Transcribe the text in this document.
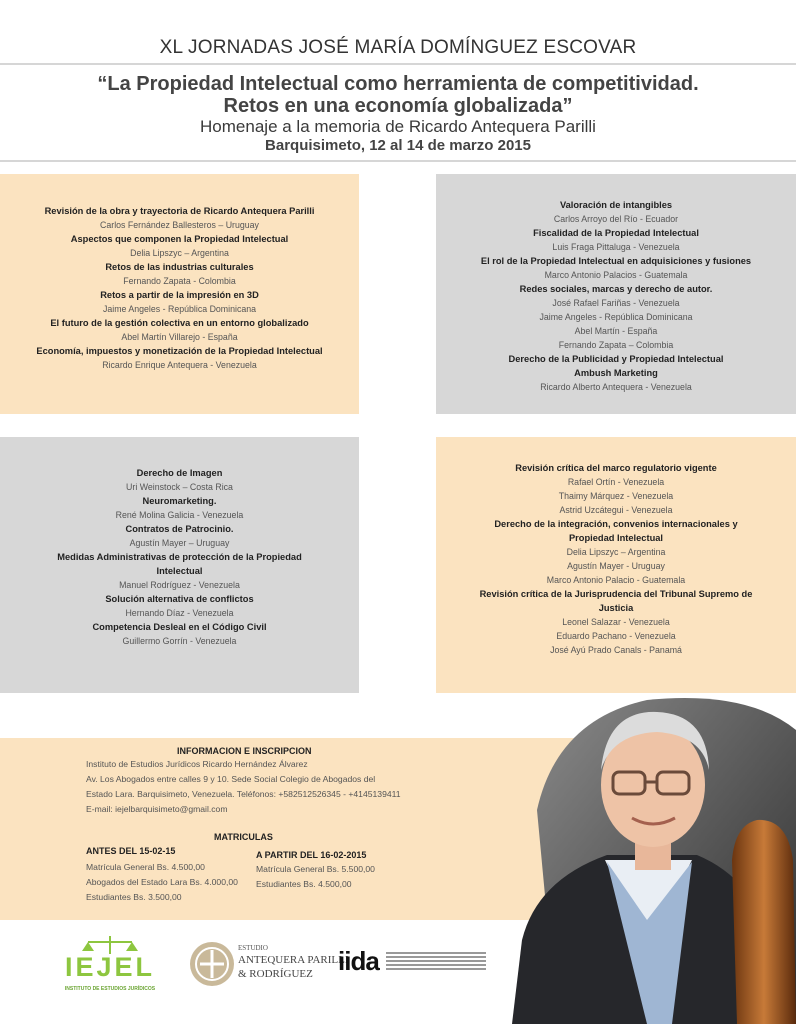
XL JORNADAS JOSÉ MARÍA DOMÍNGUEZ ESCOVAR
“La Propiedad Intelectual como herramienta de competitividad.
Retos en una economía globalizada”
Homenaje a la memoria de Ricardo Antequera Parilli
Barquisimeto, 12 al 14 de marzo 2015
Revisión de la obra y trayectoria de Ricardo Antequera Parilli
Carlos Fernández Ballesteros – Uruguay
Aspectos que componen la Propiedad Intelectual
Delia Lipszyc – Argentina
Retos de las industrias culturales
Fernando Zapata - Colombia
Retos a partir de la impresión en 3D
Jaime Angeles - República Dominicana
El futuro de la gestión colectiva en un entorno globalizado
Abel Martín Villarejo - España
Economía, impuestos y monetización de la Propiedad Intelectual
Ricardo Enrique Antequera - Venezuela
Valoración de intangibles
Carlos Arroyo del Río - Ecuador
Fiscalidad de la Propiedad Intelectual
Luis Fraga Pittaluga - Venezuela
El rol de la Propiedad Intelectual en adquisiciones y fusiones
Marco Antonio Palacios - Guatemala
Redes sociales, marcas y derecho de autor.
José Rafael Fariñas - Venezuela
Jaime Angeles - República Dominicana
Abel Martín - España
Fernando Zapata – Colombia
Derecho de la Publicidad y Propiedad Intelectual
Ambush Marketing
Ricardo Alberto Antequera - Venezuela
Derecho de Imagen
Uri Weinstock – Costa Rica
Neuromarketing.
René Molina Galicia - Venezuela
Contratos de Patrocinio.
Agustín Mayer – Uruguay
Medidas Administrativas de protección de la Propiedad
Intelectual
Manuel Rodríguez - Venezuela
Solución alternativa de conflictos
Hernando Díaz - Venezuela
Competencia Desleal en el Código Civil
Guillermo Gorrín - Venezuela
Revisión crítica del marco regulatorio vigente
Rafael Ortín - Venezuela
Thaimy Márquez - Venezuela
Astrid Uzcátegui - Venezuela
Derecho de la integración, convenios internacionales y
Propiedad Intelectual
Delia Lipszyc – Argentina
Agustín Mayer - Uruguay
Marco Antonio Palacio - Guatemala
Revisión crítica de la Jurisprudencia del Tribunal Supremo de
Justicia
Leonel Salazar - Venezuela
Eduardo Pachano - Venezuela
José Ayú Prado Canals - Panamá
INFORMACION E INSCRIPCION
Instituto de Estudios Jurídicos Ricardo Hernández Álvarez
Av. Los Abogados entre calles 9 y 10. Sede Social Colegio de Abogados del
Estado Lara. Barquisimeto, Venezuela. Teléfonos: +582512526345 - +4145139411
E-mail: iejelbarquisimeto@gmail.com
MATRICULAS
ANTES DEL 15-02-15
Matrícula General Bs. 4.500,00
Abogados del Estado Lara Bs. 4.000,00
Estudiantes Bs. 3.500,00
A PARTIR DEL 16-02-2015
Matrícula General Bs. 5.500,00
Estudiantes Bs. 4.500,00
IEJEL
INSTITUTO DE ESTUDIOS JURÍDICOS
ESTUDIO
ANTEQUERA PARILLI
& RODRÍGUEZ iida
